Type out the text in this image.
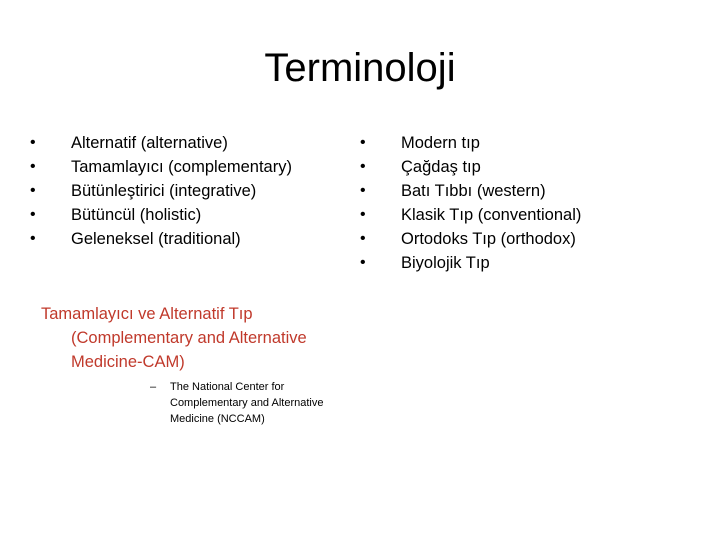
Terminoloji
• Alternatif (alternative)
• Tamamlayıcı (complementary)
• Bütünleştirici (integrative)
• Bütüncül (holistic)
• Geleneksel (traditional)
• Modern tıp
• Çağdaş tıp
• Batı Tıbbı (western)
• Klasik Tıp (conventional)
• Ortodoks Tıp (orthodox)
• Biyolojik Tıp
Tamamlayıcı ve Alternatif Tıp (Complementary and Alternative Medicine-CAM)
– The National Center for Complementary and Alternative Medicine (NCCAM)
